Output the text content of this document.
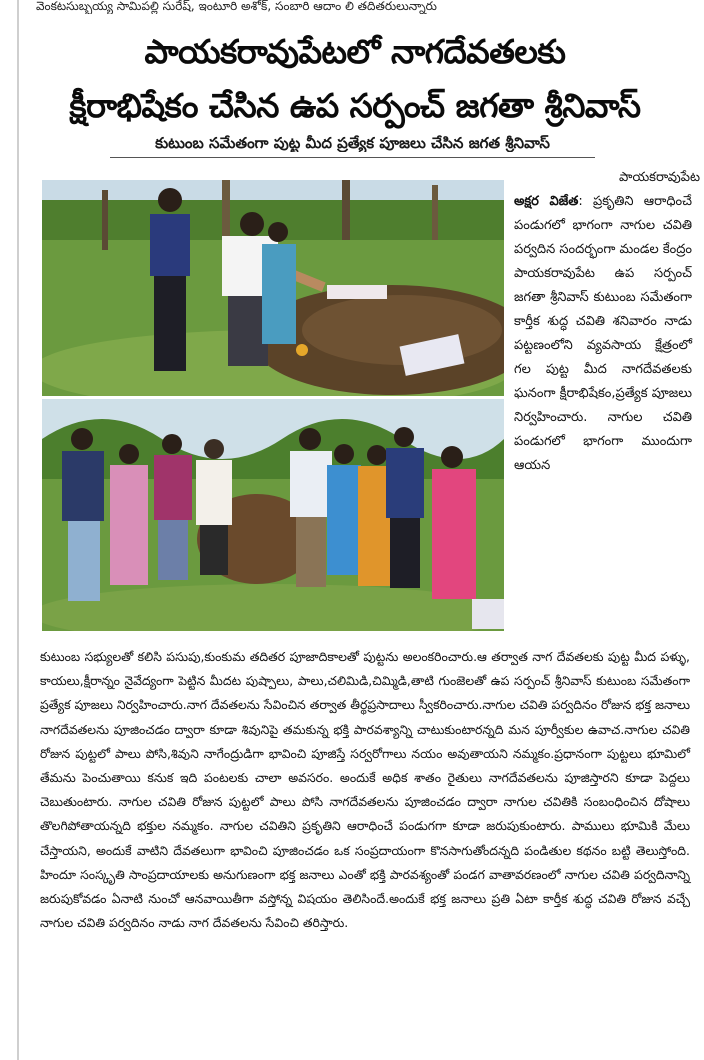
వెంకటసుబ్బయ్య సామిపల్లి సురేష్, ఇంటూరి అశోక్, సంబారి ఆదాం లి తదితరులున్నారు
పాయకరావుపేటలో నాగదేవతలకు
క్షీరాభిషేకం చేసిన ఉప సర్పంచ్ జగతా శ్రీనివాస్
కుటుంబ సమేతంగా పుట్ట మీద ప్రత్యేక పూజలు చేసిన జగత శ్రీనివాస్
పాయకరావుపేట
అక్షర విజేత: ప్రకృతిని ఆరాధించే పండుగలో భాగంగా నాగుల చవితి పర్వదిన సందర్భంగా మండల కేంద్రం పాయకరావుపేట ఉప సర్పంచ్ జగతా శ్రీనివాస్ కుటుంబ సమేతంగా కార్తీక శుద్ధ చవితి శనివారం నాడు పట్టణంలోని వ్యవసాయ క్షేత్రంలో గల పుట్ట మీద నాగదేవతలకు ఘనంగా క్షీరాభిషేకం,ప్రత్యేక పూజలు నిర్వహించారు. నాగుల చవితి పండుగలో భాగంగా ముందుగా ఆయన
కుటుంబ సభ్యులతో కలిసి పసుపు,కుంకుమ తదితర పూజాదికాలతో పుట్టను అలంకరించారు.ఆ తర్వాత నాగ దేవతలకు పుట్ట మీద పళ్ళు, కాయలు,క్షీరాన్నం నైవేద్యంగా పెట్టిన మీదట పుష్పాలు, పాలు,చలిమిడి,చిమ్మిడి,తాటి గుంజెలతో ఉప సర్పంచ్ శ్రీనివాస్ కుటుంబ సమేతంగా ప్రత్యేక పూజలు నిర్వహించారు.నాగ దేవతలను సేవించిన తర్వాత తీర్థప్రసాదాలు స్వీకరించారు.నాగుల చవితి పర్వదినం రోజున భక్త జనాలు నాగదేవతలను పూజించడం ద్వారా కూడా శివునిపై తమకున్న భక్తి పారవశ్యాన్ని చాటుకుంటారన్నది మన పూర్వీకుల ఉవాచ.నాగుల చవితి రోజున పుట్టలో పాలు పోసి,శివుని నాగేంద్రుడిగా భావించి పూజిస్తే సర్వరోగాలు నయం అవుతాయని నమ్మకం.ప్రధానంగా పుట్టలు భూమిలో తేమను పెంచుతాయి కనుక ఇది పంటలకు చాలా అవసరం. అందుకే అధిక శాతం రైతులు నాగదేవతలను పూజిస్తారని కూడా పెద్దలు చెబుతుంటారు. నాగుల చవితి రోజున పుట్టలో పాలు పోసి నాగదేవతలను పూజించడం ద్వారా నాగుల చవితికి సంబంధించిన దోషాలు తొలగిపోతాయన్నది భక్తుల నమ్మకం. నాగుల చవితిని ప్రకృతిని ఆరాధించే పండుగగా కూడా జరుపుకుంటారు. పాములు భూమికి మేలు చేస్తాయని, అందుకే వాటిని దేవతలుగా భావించి పూజించడం ఒక సంప్రదాయంగా కొనసాగుతోందన్నది పండితుల కథనం బట్టి తెలుస్తోంది. హిందూ సంస్కృతి సాంప్రదాయాలకు అనుగుణంగా భక్త జనాలు ఎంతో భక్తి పారవశ్యంతో పండగ వాతావరణంలో నాగుల చవితి పర్వదినాన్ని జరుపుకోవడం ఏనాటి నుంచో ఆనవాయితీగా వస్తోన్న విషయం తెలిసిందే.అందుకే భక్త జనాలు ప్రతి ఏటా కార్తీక శుద్ధ చవితి రోజున వచ్చే నాగుల చవితి పర్వదినం నాడు నాగ దేవతలను సేవించి తరిస్తారు.
